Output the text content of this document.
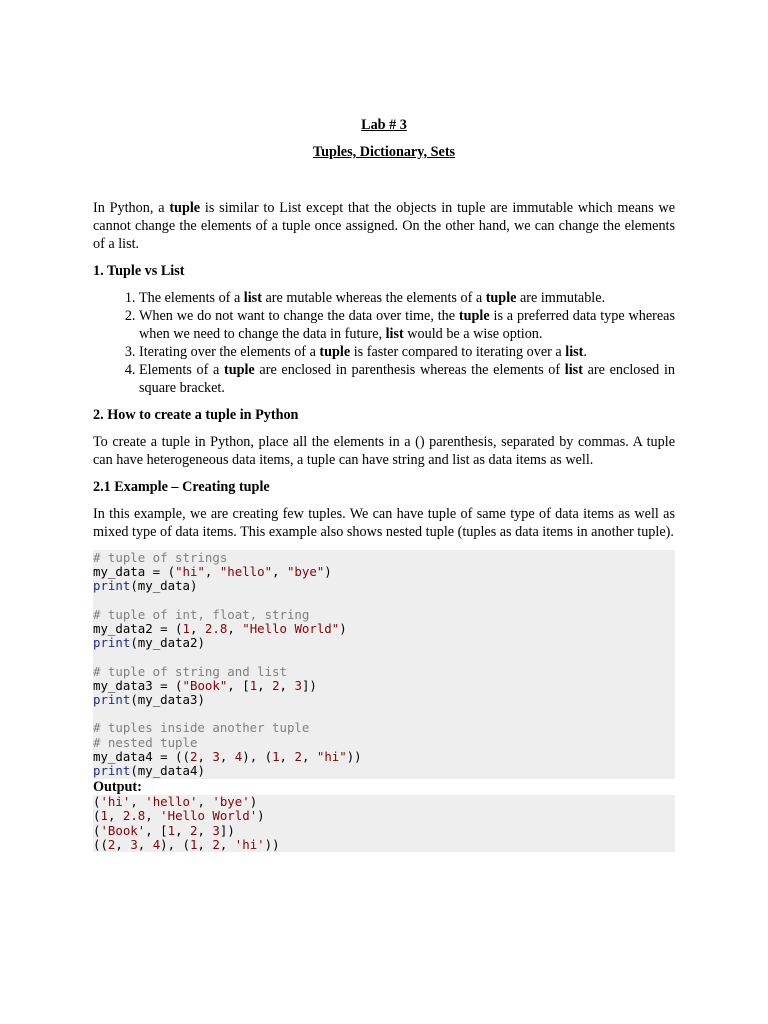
Lab # 3

Tuples, Dictionary, Sets

In Python, a tuple is similar to List except that the objects in tuple are immutable which means we cannot change the elements of a tuple once assigned. On the other hand, we can change the elements of a list.

1. Tuple vs List

1. The elements of a list are mutable whereas the elements of a tuple are immutable.
2. When we do not want to change the data over time, the tuple is a preferred data type whereas when we need to change the data in future, list would be a wise option.
3. Iterating over the elements of a tuple is faster compared to iterating over a list.
4. Elements of a tuple are enclosed in parenthesis whereas the elements of list are enclosed in square bracket.

2. How to create a tuple in Python

To create a tuple in Python, place all the elements in a () parenthesis, separated by commas. A tuple can have heterogeneous data items, a tuple can have string and list as data items as well.

2.1 Example – Creating tuple

In this example, we are creating few tuples. We can have tuple of same type of data items as well as mixed type of data items. This example also shows nested tuple (tuples as data items in another tuple).

# tuple of strings
my_data = ("hi", "hello", "bye")
print(my_data)

# tuple of int, float, string
my_data2 = (1, 2.8, "Hello World")
print(my_data2)

# tuple of string and list
my_data3 = ("Book", [1, 2, 3])
print(my_data3)

# tuples inside another tuple
# nested tuple
my_data4 = ((2, 3, 4), (1, 2, "hi"))
print(my_data4)

Output:

('hi', 'hello', 'bye')
(1, 2.8, 'Hello World')
('Book', [1, 2, 3])
((2, 3, 4), (1, 2, 'hi'))
